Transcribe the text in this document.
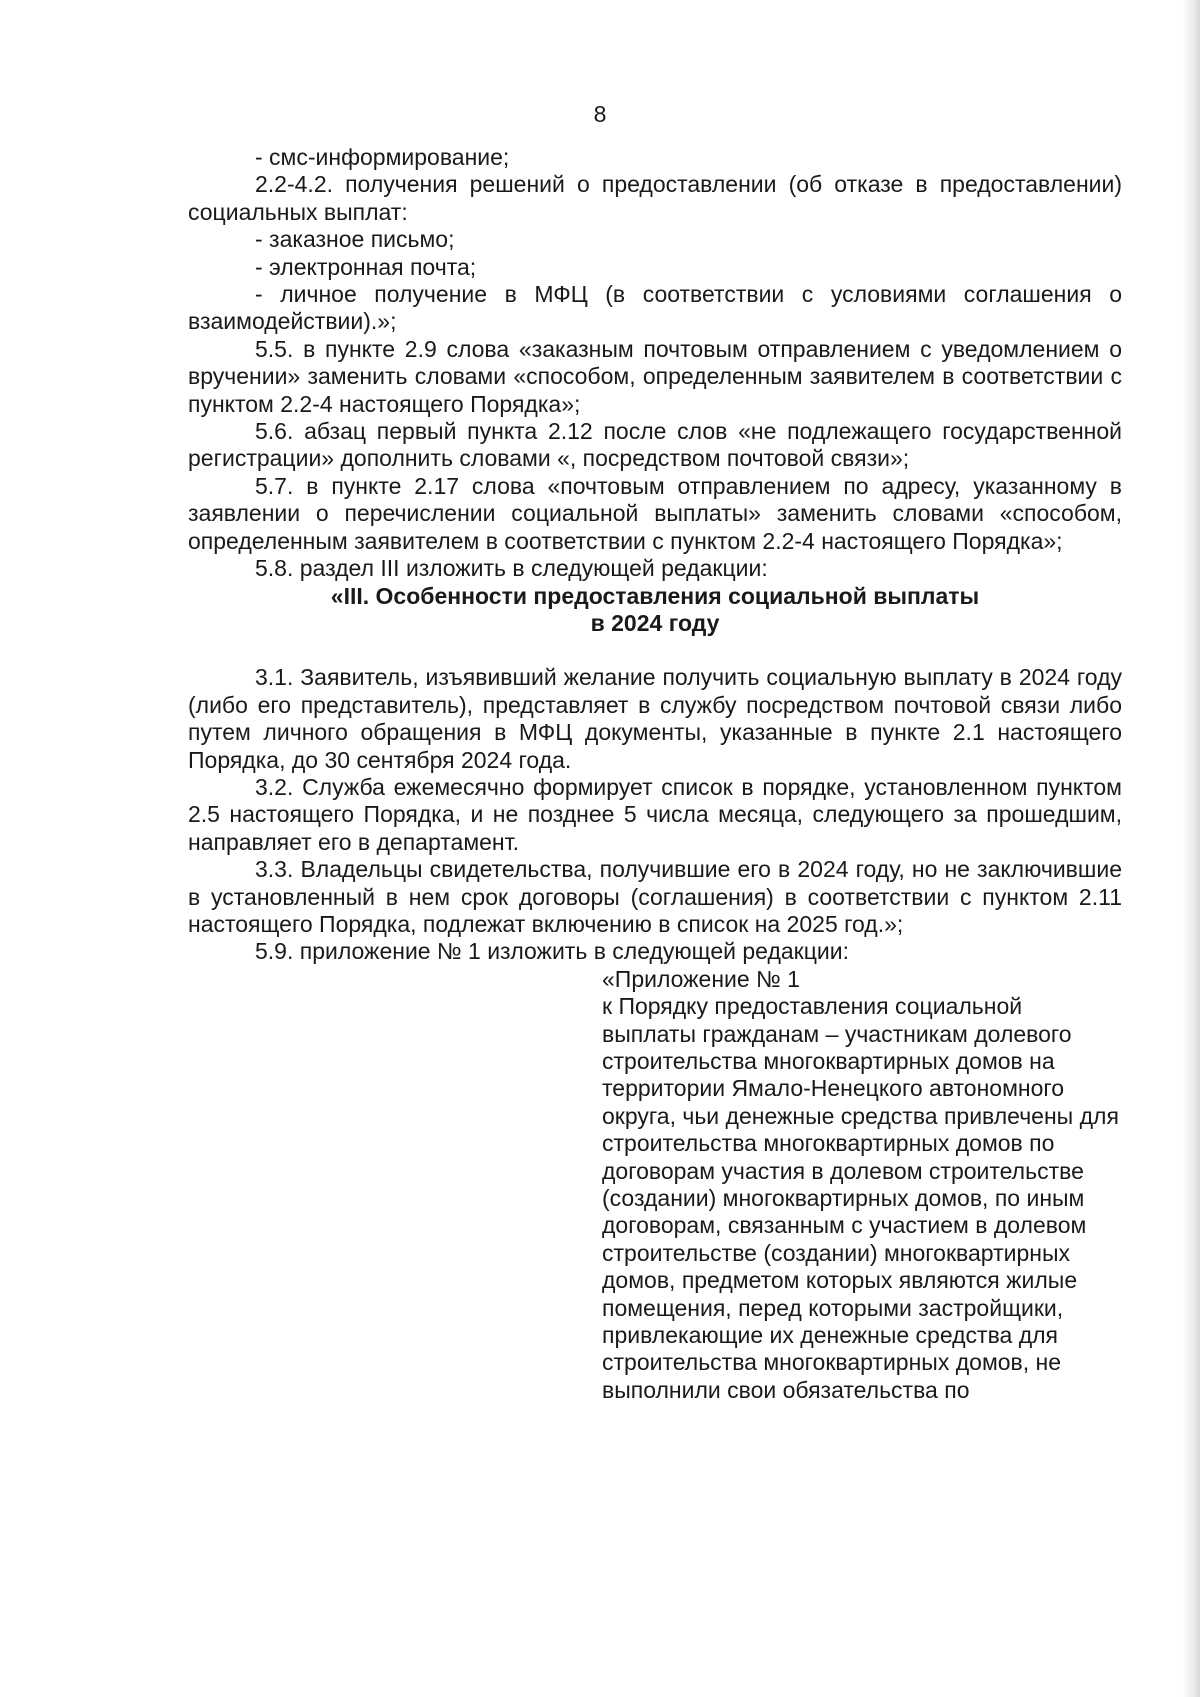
8

- смс-информирование;

2.2-4.2. получения решений о предоставлении (об отказе в предоставлении) социальных выплат:

- заказное письмо;

- электронная почта;

- личное получение в МФЦ (в соответствии с условиями соглашения о взаимодействии).»;

5.5. в пункте 2.9 слова «заказным почтовым отправлением с уведомлением о вручении» заменить словами «способом, определенным заявителем в соответствии с пунктом 2.2-4 настоящего Порядка»;

5.6. абзац первый пункта 2.12 после слов «не подлежащего государственной регистрации» дополнить словами «, посредством почтовой связи»;

5.7. в пункте 2.17 слова «почтовым отправлением по адресу, указанному в заявлении о перечислении социальной выплаты» заменить словами «способом, определенным заявителем в соответствии с пунктом 2.2-4 настоящего Порядка»;

5.8. раздел III изложить в следующей редакции:

«III. Особенности предоставления социальной выплаты

в 2024 году

3.1. Заявитель, изъявивший желание получить социальную выплату в 2024 году (либо его представитель), представляет в службу посредством почтовой связи либо путем личного обращения в МФЦ документы, указанные в пункте 2.1 настоящего Порядка, до 30 сентября 2024 года.

3.2. Служба ежемесячно формирует список в порядке, установленном пунктом 2.5 настоящего Порядка, и не позднее 5 числа месяца, следующего за прошедшим, направляет его в департамент.

3.3. Владельцы свидетельства, получившие его в 2024 году, но не заключившие в установленный в нем срок договоры (соглашения) в соответствии с пунктом 2.11 настоящего Порядка, подлежат включению в список на 2025 год.»;

5.9. приложение № 1 изложить в следующей редакции:

«Приложение № 1

к Порядку предоставления социальной выплаты гражданам – участникам долевого строительства многоквартирных домов на территории Ямало-Ненецкого автономного округа, чьи денежные средства привлечены для строительства многоквартирных домов по договорам участия в долевом строительстве (создании) многоквартирных домов, по иным договорам, связанным с участием в долевом строительстве (создании) многоквартирных домов, предметом которых являются жилые помещения, перед которыми застройщики, привлекающие их денежные средства для строительства многоквартирных домов, не выполнили свои обязательства по
